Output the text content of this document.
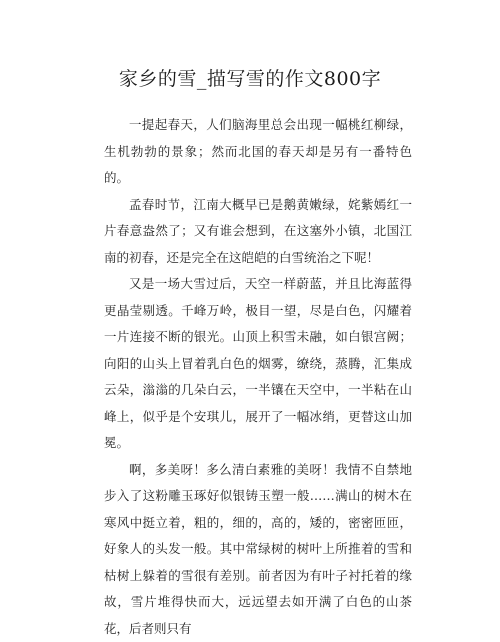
家乡的雪_描写雪的作文800字

一提起春天，人们脑海里总会出现一幅桃红柳绿，生机勃勃的景象；然而北国的春天却是另有一番特色的。

孟春时节，江南大概早已是鹅黄嫩绿，姹紫嫣红一片春意盎然了；又有谁会想到，在这塞外小镇，北国江南的初春，还是完全在这皑皑的白雪统治之下呢！

又是一场大雪过后，天空一样蔚蓝，并且比海蓝得更晶莹剔透。千峰万岭，极目一望，尽是白色，闪耀着一片连接不断的银光。山顶上积雪未融，如白银宫阙；向阳的山头上冒着乳白色的烟雾，缭绕，蒸腾，汇集成云朵，滃滃的几朵白云，一半镶在天空中，一半粘在山峰上，似乎是个安琪儿，展开了一幅冰绡，更替这山加冕。

啊，多美呀！多么清白素雅的美呀！我情不自禁地步入了这粉雕玉琢好似银铸玉塑一般……满山的树木在寒风中挺立着，粗的，细的，高的，矮的，密密匝匝，好象人的头发一般。其中常绿树的树叶上所推着的雪和枯树上躲着的雪很有差别。前者因为有叶子衬托着的缘故，雪片堆得快而大，远远望去如开满了白色的山茶花，后者则只有
